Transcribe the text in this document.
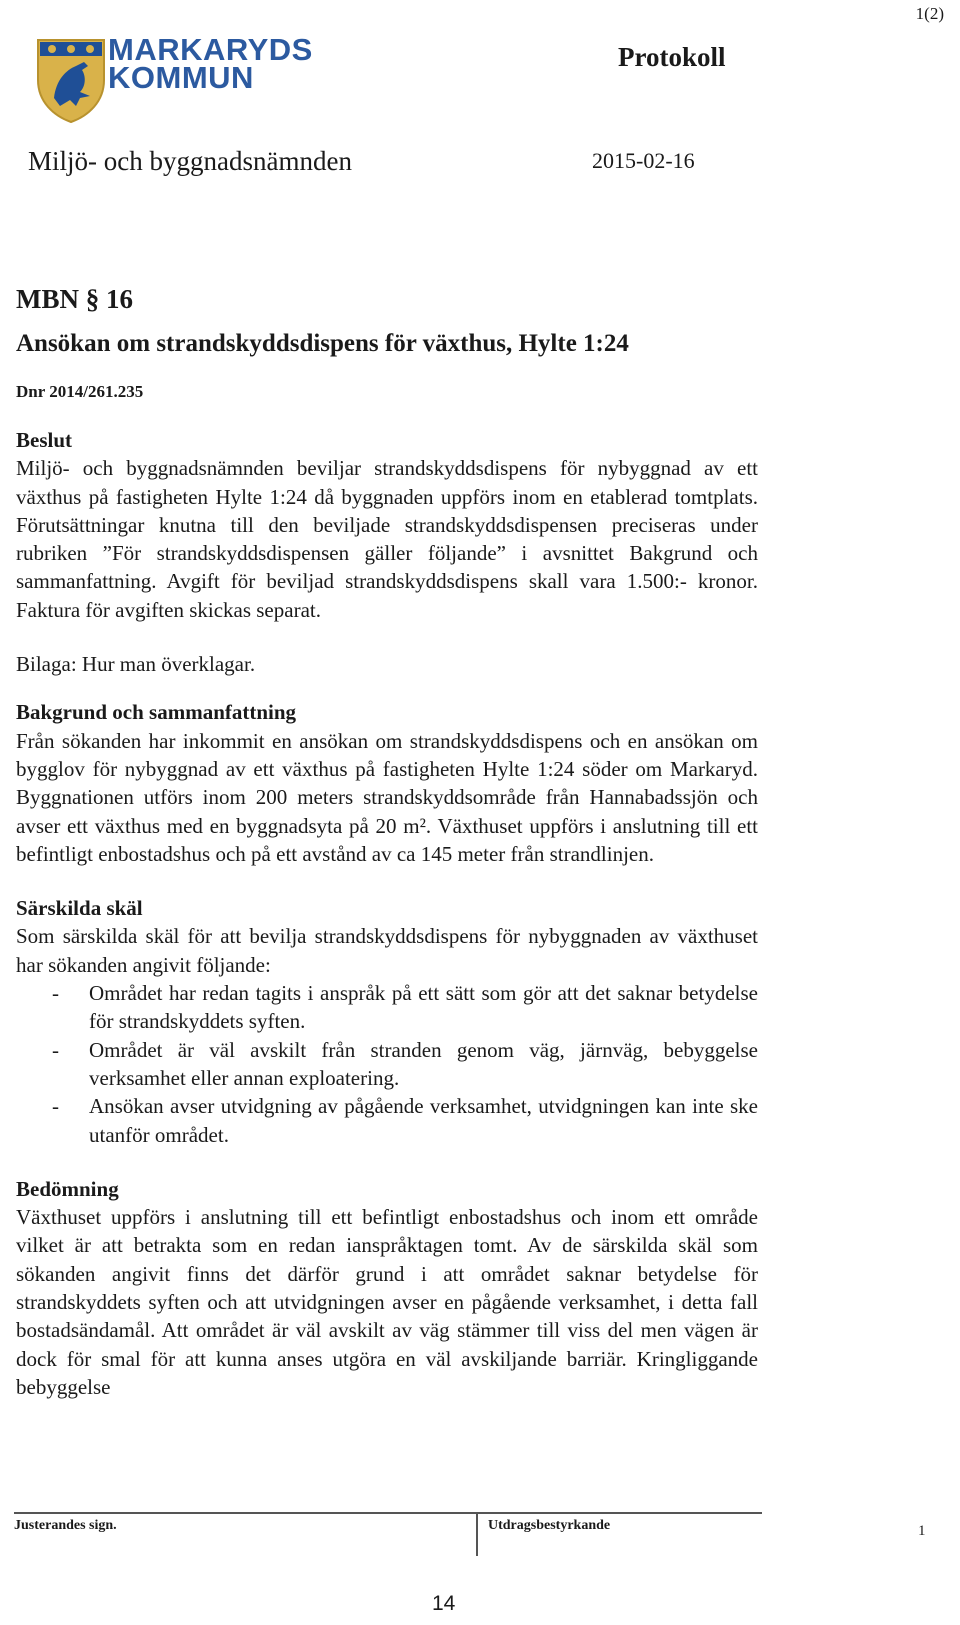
1(2)
MARKARYDS
KOMMUN
Protokoll
Miljö- och byggnadsnämnden	2015-02-16
MBN § 16
Ansökan om strandskyddsdispens för växthus, Hylte 1:24
Dnr 2014/261.235
Beslut

Miljö- och byggnadsnämnden beviljar strandskyddsdispens för nybyggnad av ett växthus på fastigheten Hylte 1:24 då byggnaden uppförs inom en etablerad tomtplats. Förutsättningar knutna till den beviljade strandskyddsdispensen preciseras under rubriken ”För strandskyddsdispensen gäller följande” i avsnittet Bakgrund och sammanfattning. Avgift för beviljad strandskyddsdispens skall vara 1.500:- kronor. Faktura för avgiften skickas separat.

Bilaga: Hur man överklagar.

Bakgrund och sammanfattning

Från sökanden har inkommit en ansökan om strandskyddsdispens och en ansökan om bygglov för nybyggnad av ett växthus på fastigheten Hylte 1:24 söder om Markaryd. Byggnationen utförs inom 200 meters strandskyddsområde från Hannabadssjön och avser ett växthus med en byggnadsyta på 20 m². Växthuset uppförs i anslutning till ett befintligt enbostadshus och på ett avstånd av ca 145 meter från strandlinjen.

Särskilda skäl

Som särskilda skäl för att bevilja strandskyddsdispens för nybyggnaden av växthuset har sökanden angivit följande:

- Området har redan tagits i anspråk på ett sätt som gör att det saknar betydelse för strandskyddets syften.
- Området är väl avskilt från stranden genom väg, järnväg, bebyggelse verksamhet eller annan exploatering.
- Ansökan avser utvidgning av pågående verksamhet, utvidgningen kan inte ske utanför området.
Bedömning

Växthuset uppförs i anslutning till ett befintligt enbostadshus och inom ett område vilket är att betrakta som en redan ianspråktagen tomt. Av de särskilda skäl som sökanden angivit finns det därför grund i att området saknar betydelse för strandskyddets syften och att utvidgningen avser en pågående verksamhet, i detta fall bostadsändamål. Att området är väl avskilt av väg stämmer till viss del men vägen är dock för smal för att kunna anses utgöra en väl avskiljande barriär. Kringliggande bebyggelse

Justerandes sign.	Utdragsbestyrkande	1
14
